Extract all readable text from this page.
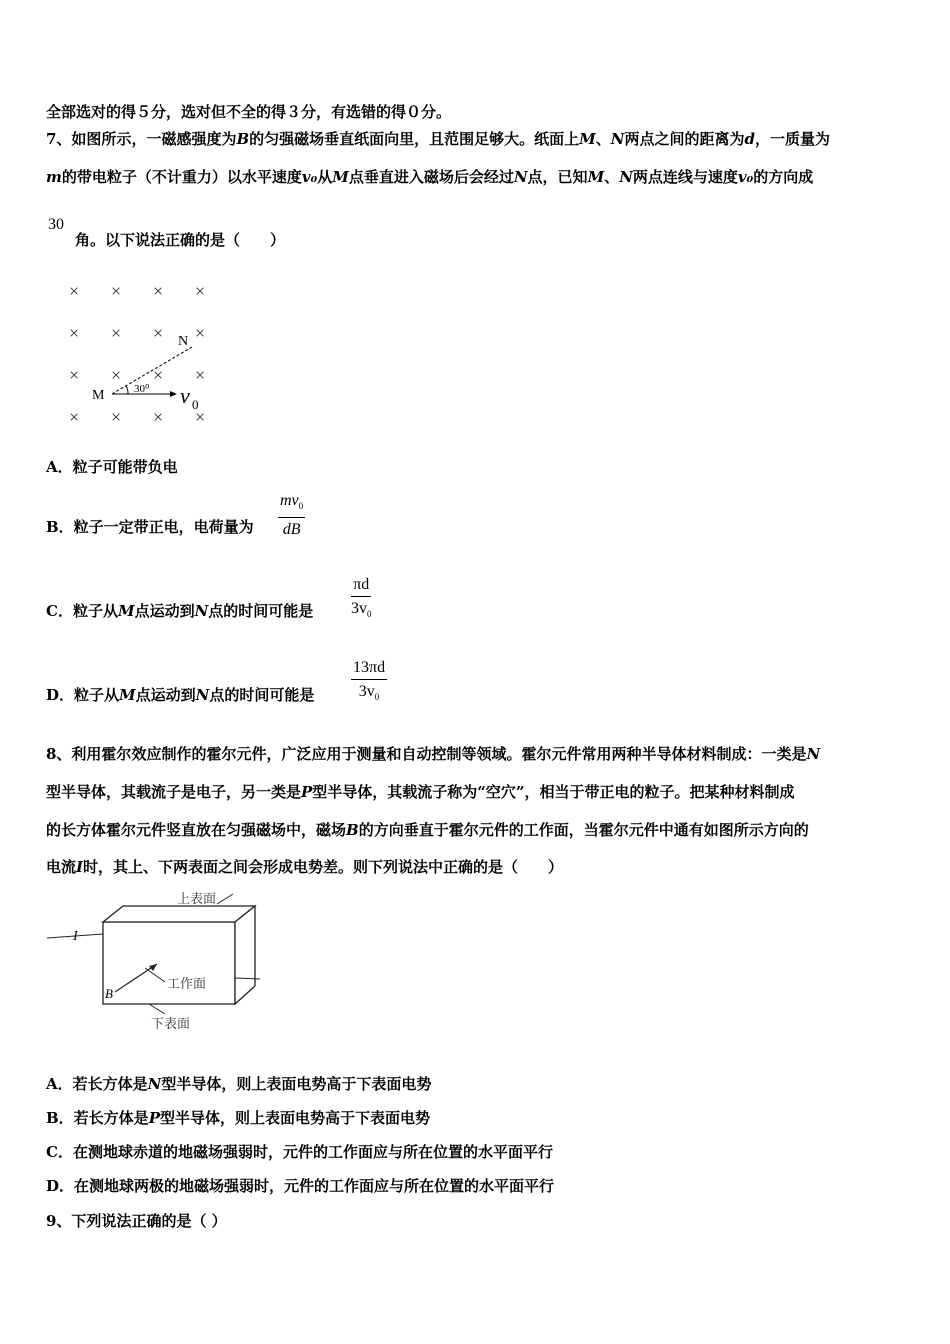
全部选对的得５分，选对但不全的得３分，有选错的得０分。
7、如图所示，一磁感强度为B的匀强磁场垂直纸面向里，且范围足够大。纸面上M、N两点之间的距离为d，一质量为
m的带电粒子（不计重力）以水平速度v₀从M点垂直进入磁场后会经过N点，已知M、N两点连线与速度v₀的方向成
30
角。以下说法正确的是（　　）
× × × ×
× × × ×
× × × ×
× × × ×
M
N
30⁰ v 0
A．粒子可能带负电
B．粒子一定带正电，电荷量为 $\frac{mv_0}{dB}$
C．粒子从M点运动到N点的时间可能是 $\frac{\pi d}{3v_0}$
D．粒子从M点运动到N点的时间可能是 $\frac{13\pi d}{3v_0}$
8、利用霍尔效应制作的霍尔元件，广泛应用于测量和自动控制等领域。霍尔元件常用两种半导体材料制成：一类是N
型半导体，其载流子是电子，另一类是P型半导体，其载流子称为“空穴”，相当于带正电的粒子。把某种材料制成
的长方体霍尔元件竖直放在匀强磁场中，磁场B的方向垂直于霍尔元件的工作面，当霍尔元件中通有如图所示方向的
电流I时，其上、下两表面之间会形成电势差。则下列说法中正确的是（　　）
I
上表面
B
工作面
下表面
A．若长方体是N型半导体，则上表面电势高于下表面电势
B．若长方体是P型半导体，则上表面电势高于下表面电势
C．在测地球赤道的地磁场强弱时，元件的工作面应与所在位置的水平面平行
D．在测地球两极的地磁场强弱时，元件的工作面应与所在位置的水平面平行
9、下列说法正确的是（ ）
